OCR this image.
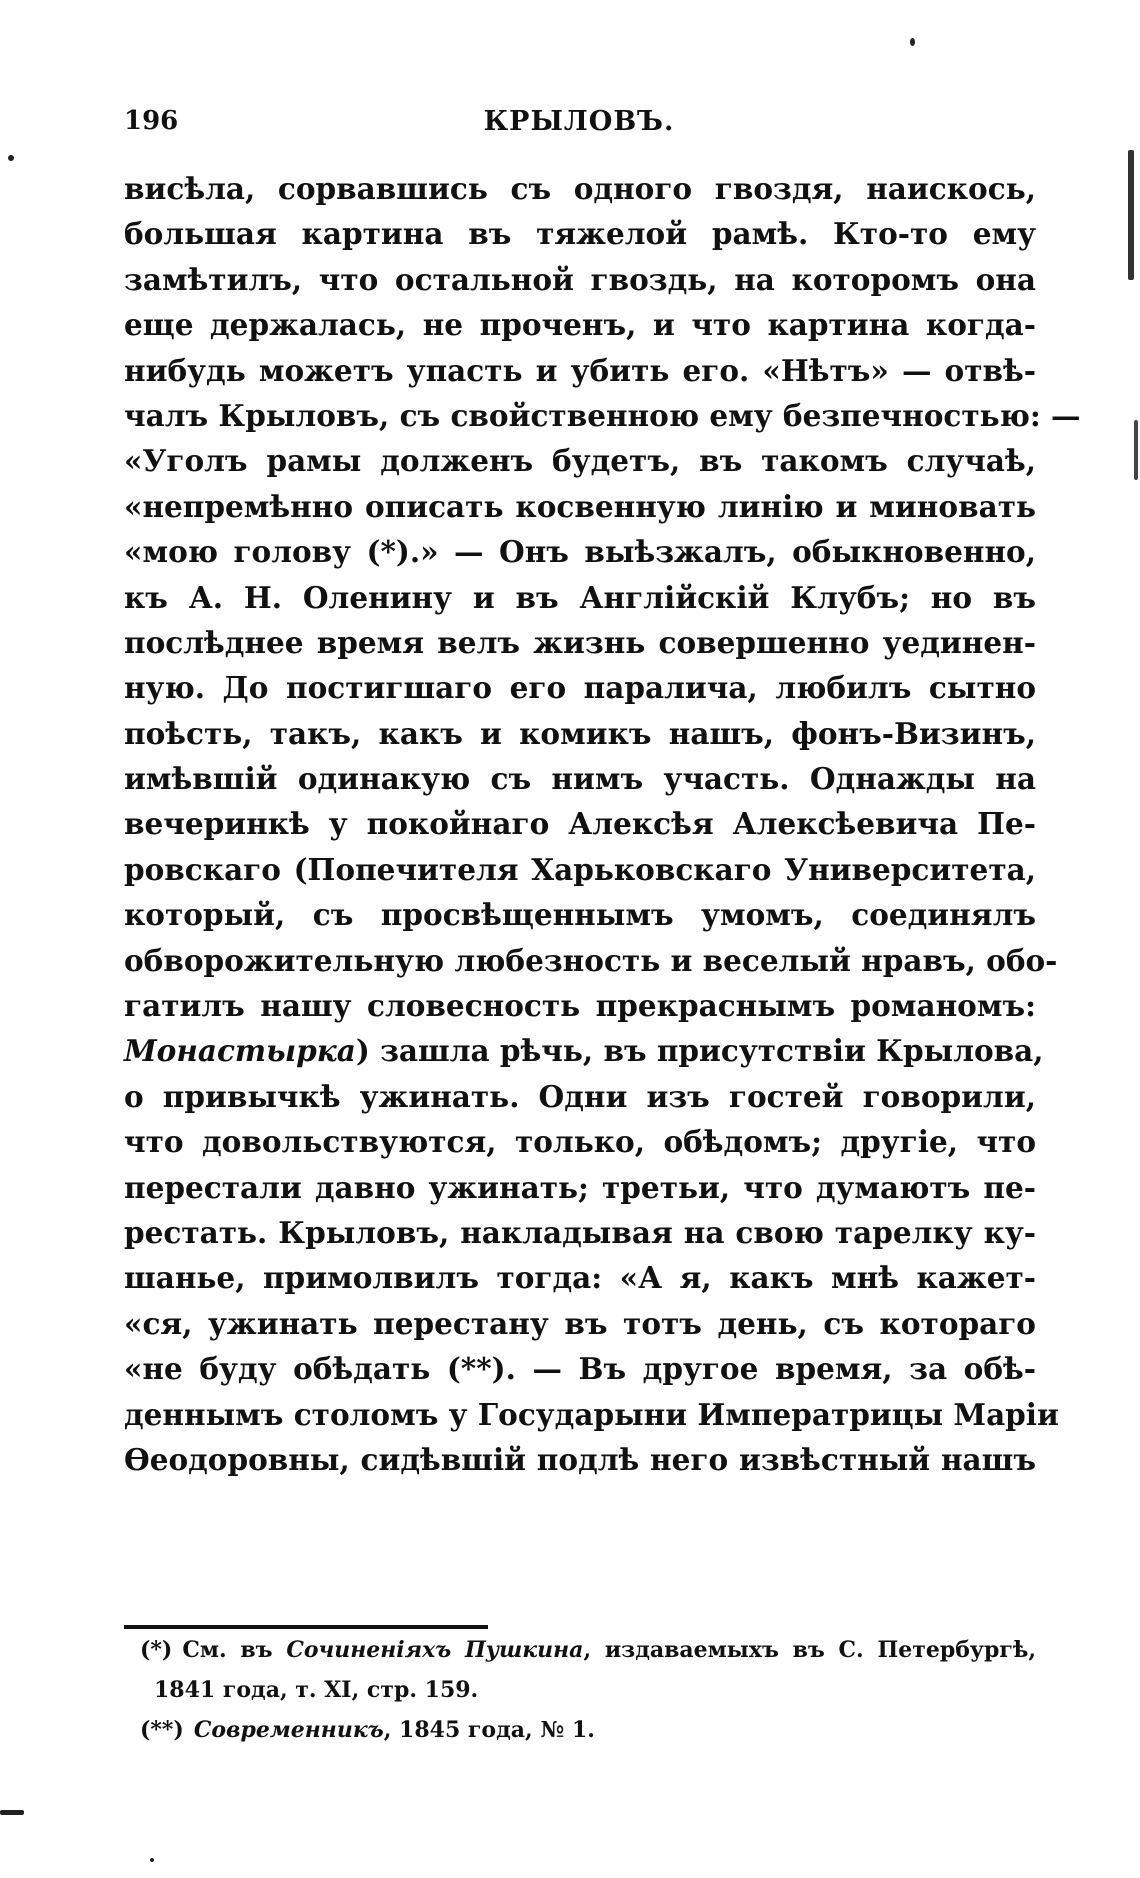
196	КРЫЛОВЪ.
висѣла, сорвавшись съ одного гвоздя, наискось,
большая картина въ тяжелой рамѣ. Кто-то ему
замѣтилъ, что остальной гвоздь, на которомъ она
еще держалась, не проченъ, и что картина когда-
нибудь можетъ упасть и убить его. «Нѣтъ» — отвѣ-
чалъ Крыловъ, съ свойственною ему безпечностью: —
«Уголъ рамы долженъ будетъ, въ такомъ случаѣ,
«непремѣнно описать косвенную линію и миновать
«мою голову (*).» — Онъ выѣзжалъ, обыкновенно,
къ А. Н. Оленину и въ Англійскій Клубъ; но въ
послѣднее время велъ жизнь совершенно уединен-
ную. До постигшаго его паралича, любилъ сытно
поѣсть, такъ, какъ и комикъ нашъ, фонъ-Визинъ,
имѣвшій одинакую съ нимъ участь. Однажды на
вечеринкѣ у покойнаго Алексѣя Алексѣевича Пе-
ровскаго (Попечителя Харьковскаго Университета,
который, съ просвѣщеннымъ умомъ, соединялъ
обворожительную любезность и веселый нравъ, обо-
гатилъ нашу словесность прекраснымъ романомъ:
Монастырка) зашла рѣчь, въ присутствіи Крылова,
о привычкѣ ужинать. Одни изъ гостей говорили,
что довольствуются, только, обѣдомъ; другіе, что
перестали давно ужинать; третьи, что думаютъ пе-
рестать. Крыловъ, накладывая на свою тарелку ку-
шанье, примолвилъ тогда: «А я, какъ мнѣ кажет-
«ся, ужинать перестану въ тотъ день, съ котораго
«не буду обѣдать (**). — Въ другое время, за обѣ-
деннымъ столомъ у Государыни Императрицы Маріи
Ѳеодоровны, сидѣвшій подлѣ него извѣстный нашъ
(*) См. въ Сочиненіяхъ Пушкина, издаваемыхъ въ С. Петербургѣ,
1841 года, т. XI, стр. 159.
(**) Современникъ, 1845 года, № 1.
